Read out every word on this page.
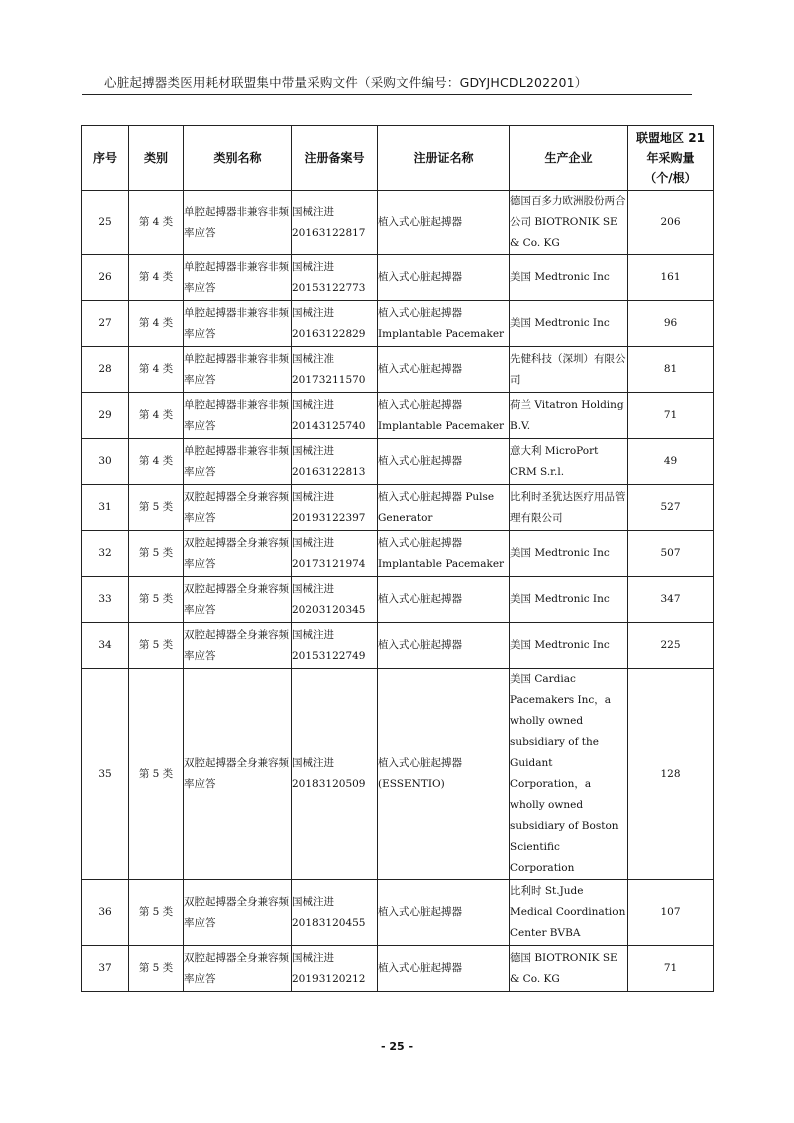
心脏起搏器类医用耗材联盟集中带量采购文件（采购文件编号：GDYJHCDL202201）
序号	类别	类别名称	注册备案号	注册证名称	生产企业	联盟地区 21 年采购量（个/根）
25	第 4 类	单腔起搏器非兼容非频率应答	国械注进 20163122817	植入式心脏起搏器	德国百多力欧洲股份两合公司 BIOTRONIK SE & Co. KG	206
26	第 4 类	单腔起搏器非兼容非频率应答	国械注进 20153122773	植入式心脏起搏器	美国 Medtronic Inc	161
27	第 4 类	单腔起搏器非兼容非频率应答	国械注进 20163122829	植入式心脏起搏器 Implantable Pacemaker	美国 Medtronic Inc	96
28	第 4 类	单腔起搏器非兼容非频率应答	国械注准 20173211570	植入式心脏起搏器	先健科技（深圳）有限公司	81
29	第 4 类	单腔起搏器非兼容非频率应答	国械注进 20143125740	植入式心脏起搏器 Implantable Pacemaker	荷兰 Vitatron Holding B.V.	71
30	第 4 类	单腔起搏器非兼容非频率应答	国械注进 20163122813	植入式心脏起搏器	意大利 MicroPort CRM S.r.l.	49
31	第 5 类	双腔起搏器全身兼容频率应答	国械注进 20193122397	植入式心脏起搏器 Pulse Generator	比利时圣犹达医疗用品管理有限公司	527
32	第 5 类	双腔起搏器全身兼容频率应答	国械注进 20173121974	植入式心脏起搏器 Implantable Pacemaker	美国 Medtronic Inc	507
33	第 5 类	双腔起搏器全身兼容频率应答	国械注进 20203120345	植入式心脏起搏器	美国 Medtronic Inc	347
34	第 5 类	双腔起搏器全身兼容频率应答	国械注进 20153122749	植入式心脏起搏器	美国 Medtronic Inc	225
35	第 5 类	双腔起搏器全身兼容频率应答	国械注进 20183120509	植入式心脏起搏器 (ESSENTIO)	美国 Cardiac Pacemakers Inc，a wholly owned subsidiary of the Guidant Corporation，a wholly owned subsidiary of Boston Scientific Corporation	128
36	第 5 类	双腔起搏器全身兼容频率应答	国械注进 20183120455	植入式心脏起搏器	比利时 St.Jude Medical Coordination Center BVBA	107
37	第 5 类	双腔起搏器全身兼容频率应答	国械注进 20193120212	植入式心脏起搏器	德国 BIOTRONIK SE & Co. KG	71
- 25 -
